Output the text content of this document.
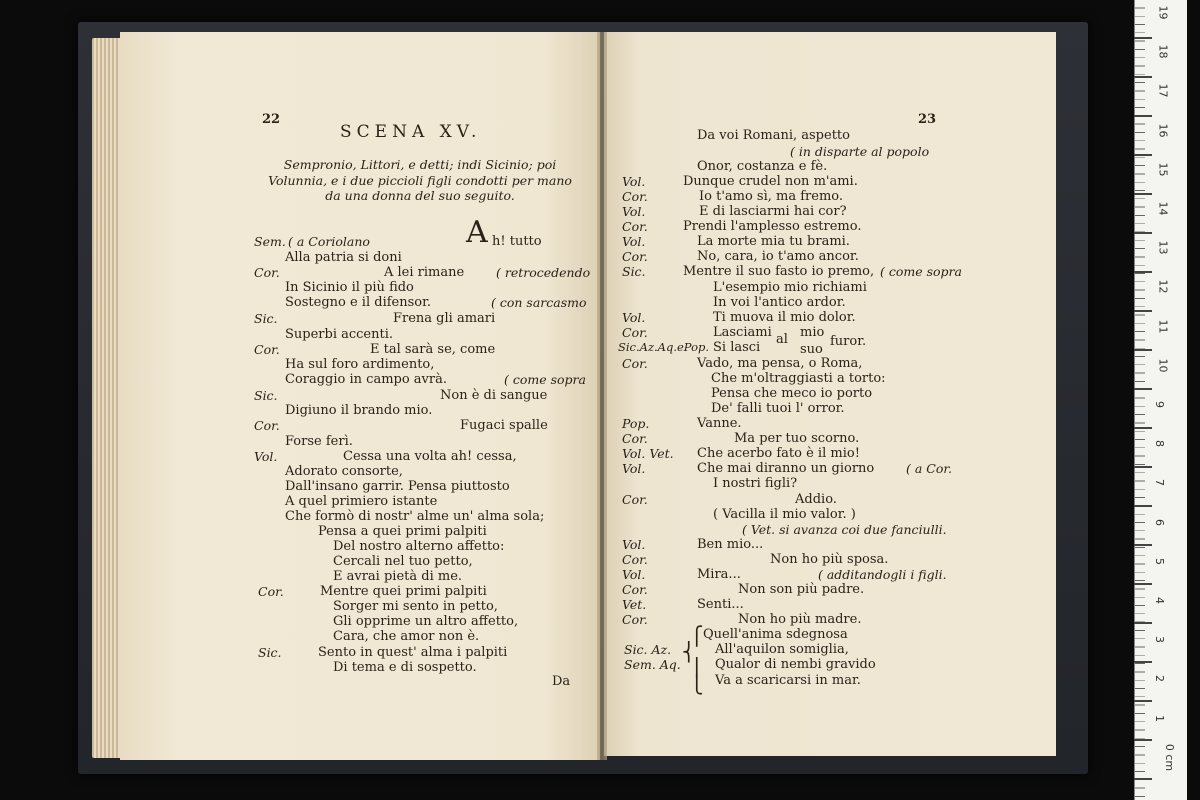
22
SCENA XV.
Sempronio, Littori, e detti; indi Sicinio; poi Volunnia, e i due piccioli figli condotti per mano da una donna del suo seguito.
Sem. ( a Coriolano	A h! tutto
Alla patria si doni
Cor.	A lei rimane	( retrocedendo
In Sicinio il più fido
Sostegno e il difensor.	( con sarcasmo
Sic.	Frena gli amari
Superbi accenti.
Cor.	E tal sarà se, come
Ha sul foro ardimento,
Coraggio in campo avrà.	( come sopra
Sic.	Non è di sangue
Digiuno il brando mio.
Cor.	Fugaci spalle
Forse ferì.
Vol.	Cessa una volta ah! cessa,
Adorato consorte,
Dall'insano garrir. Pensa piuttosto
A quel primiero istante
Che formò di nostr' alme un' alma sola;
Pensa a quei primi palpiti
Del nostro alterno affetto:
Cercali nel tuo petto,
E avrai pietà di me.
Cor.	Mentre quei primi palpiti
Sorger mi sento in petto,
Gli opprime un altro affetto,
Cara, che amor non è.
Sic.	Sento in quest' alma i palpiti
Di tema e di sospetto.
Da
23
Da voi Romani, aspetto
( in disparte al popolo
Onor, costanza e fè.
Vol.	Dunque crudel non m'ami.
Cor.	Io t'amo sì, ma fremo.
Vol.	E di lasciarmi hai cor?
Cor.	Prendi l'amplesso estremo.
Vol.	La morte mia tu brami.
Cor.	No, cara, io t'amo ancor.
Sic.	Mentre il suo fasto io premo, ( come sopra
L'esempio mio richiami
In voi l'antico ardor.
Vol.	Ti muova il mio dolor.
Cor.	Lasciami
Sic.Az.Aq.ePop. Si lasci
al mio
suo
furor.
Cor.	Vado, ma pensa, o Roma,
Che m'oltraggiasti a torto:
Pensa che meco io porto
De' falli tuoi l' orror.
Pop.	Vanne.
Cor.	Ma per tuo scorno.
Vol. Vet. Che acerbo fato è il mio!
Vol.	Che mai diranno un giorno	( a Cor.
I nostri figli?
Cor.	Addio.
( Vacilla il mio valor. )
( Vet. si avanza coi due fanciulli.
Vol.	Ben mio...
Cor.	Non ho più sposa.
Vol.	Mira...	( additandogli i figli.
Cor.	Non son più padre.
Vet.	Senti...
Cor.	Non ho più madre.
⎧
⎨
⎪
⎩
Quell'anima sdegnosa
Sic. Az.	All'aquilon somiglia,
Sem. Aq.	Qualor di nembi gravido
Va a scaricarsi in mar.
19
18
17
16
15
14
13
12
11
10
9
8
7
6
5
4
3
2
1
0 cm
